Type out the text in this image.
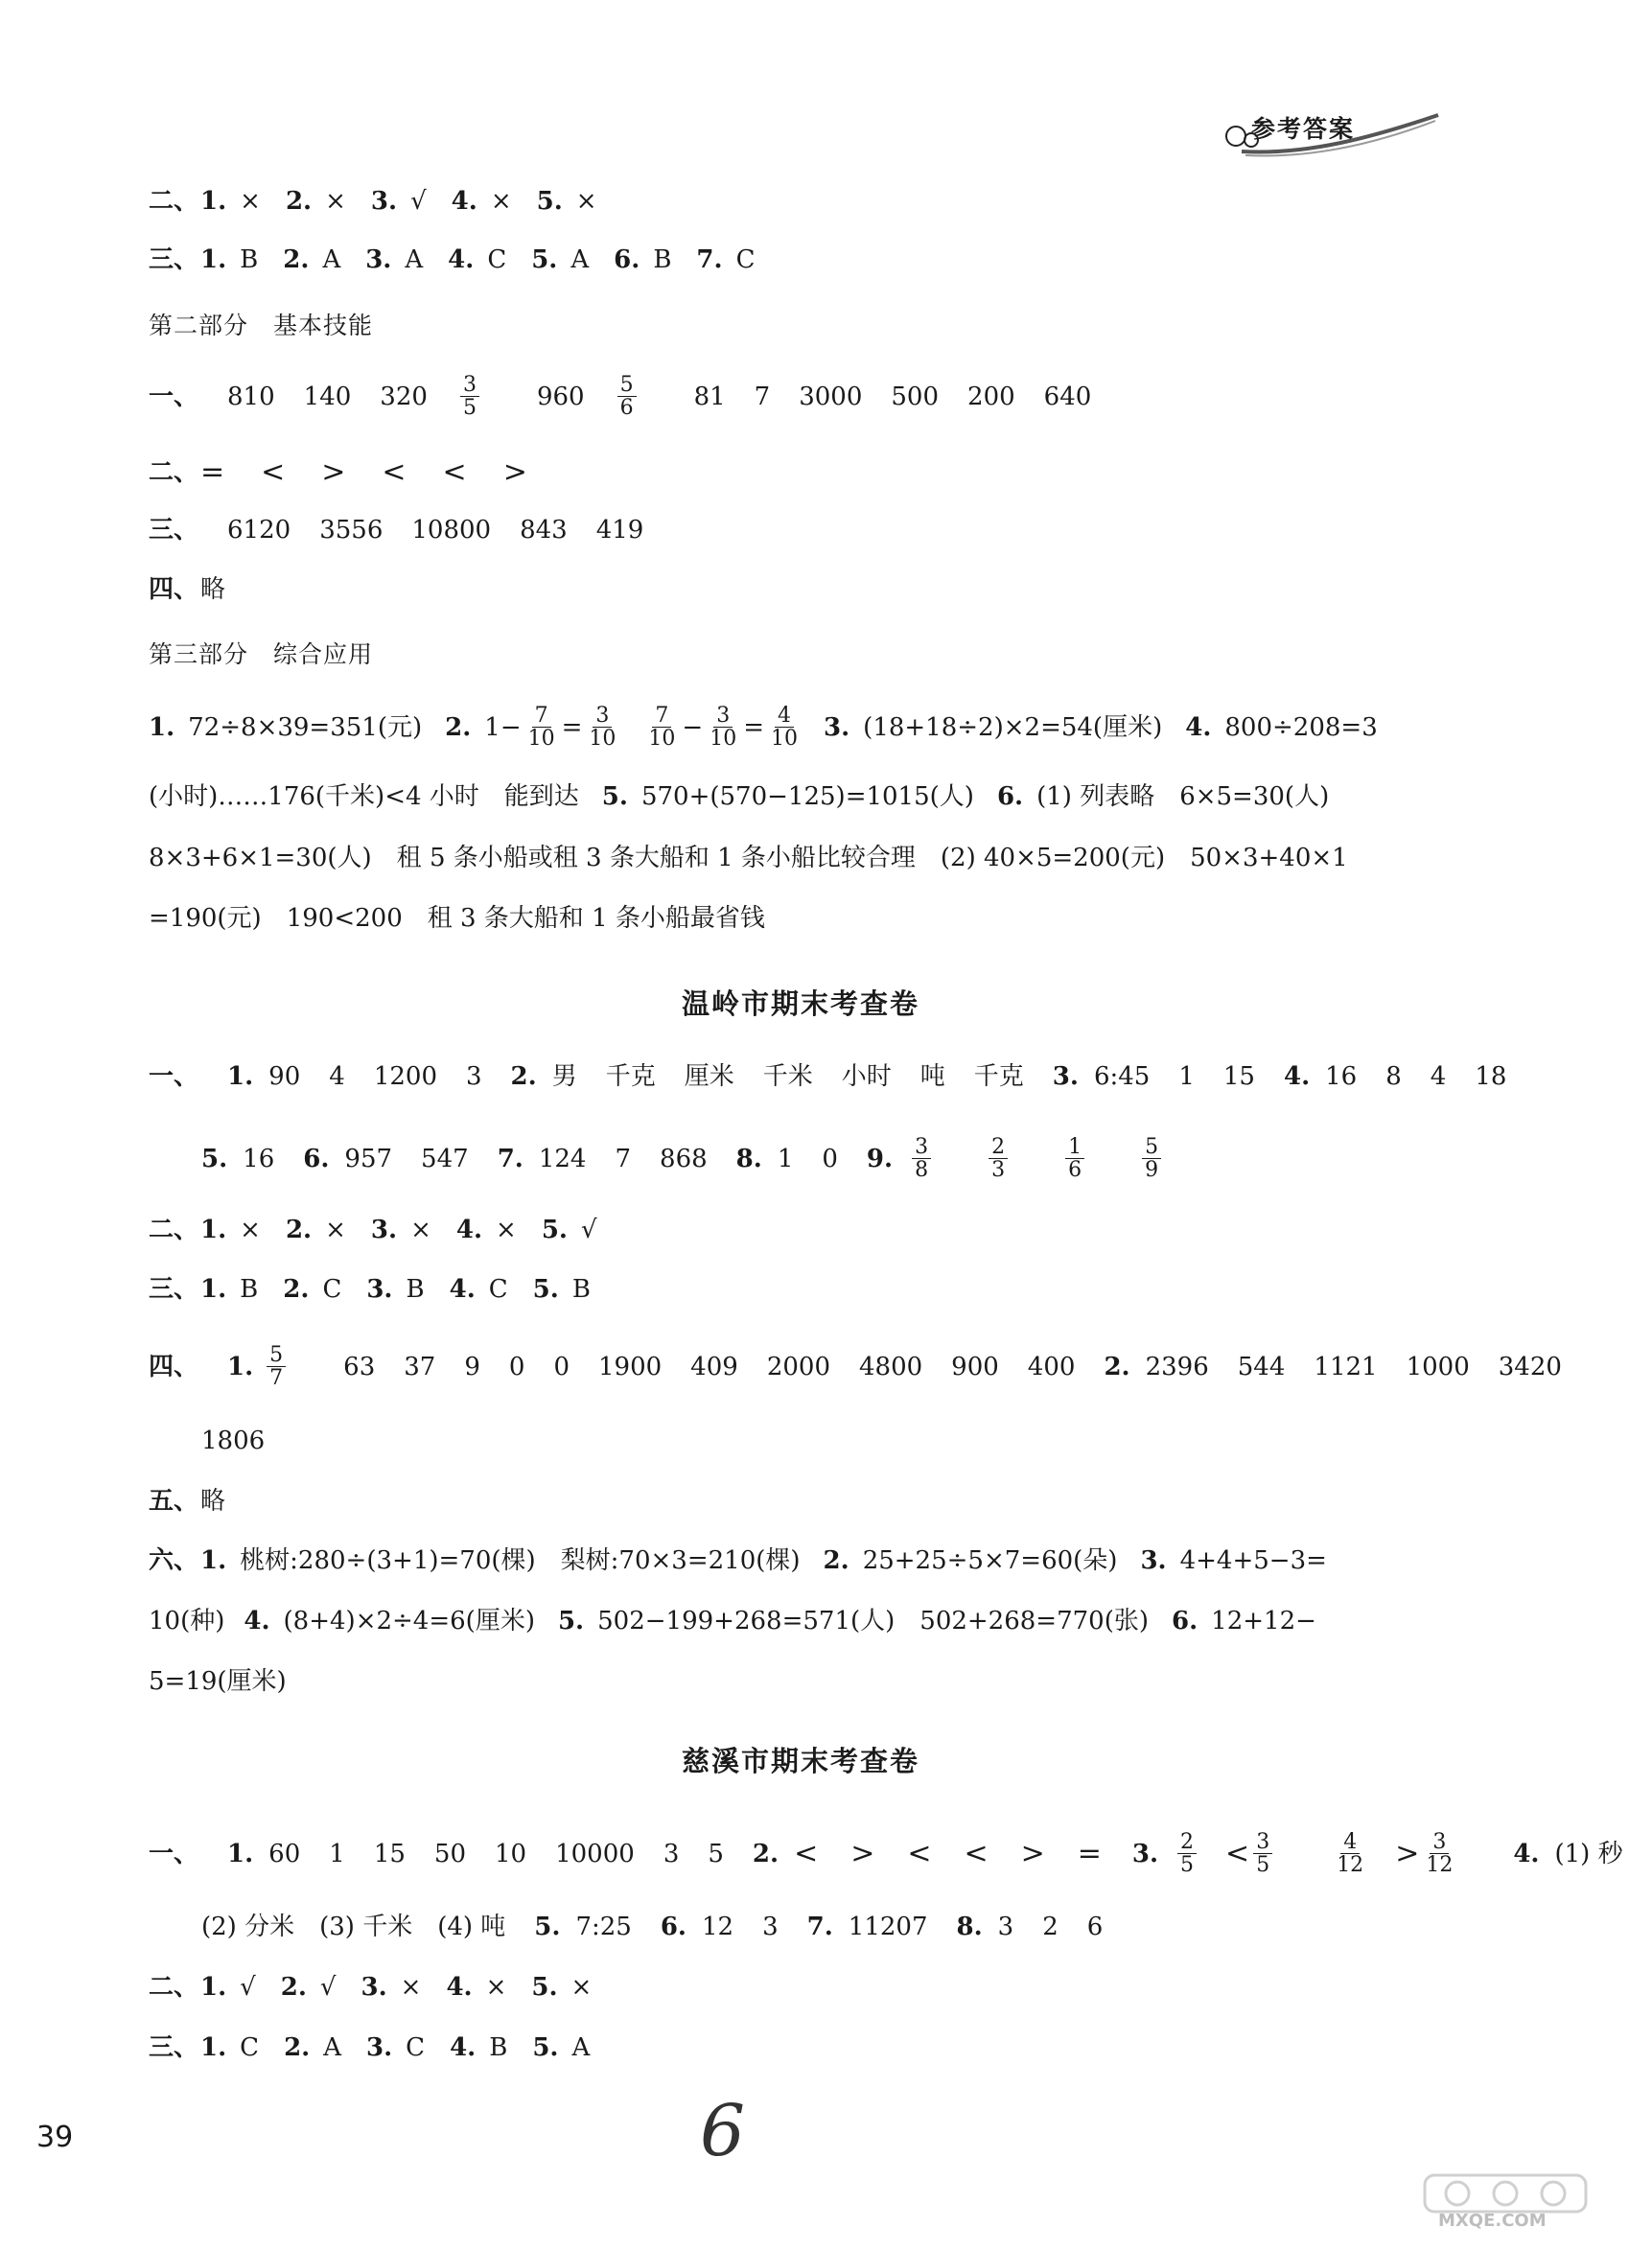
参考答案
二、 1. × 2. × 3. √ 4. × 5. ×
三、 1. B 2. A 3. A 4. C 5. A 6. B 7. C
第二部分　基本技能
一、 810 140 $320 \frac{3}{5} 960 \frac{5}{6} 81$ 7 3000 500 200 640
二、 =　<　>　<　<　>
三、 6120 3556 10800 843 419
四、 略
第三部分　综合应用
1. 72÷8×39=351(元) 2. $1- \frac{7}{10} = \frac{3}{10} \frac{7}{10} - \frac{3}{10} = \frac{4}{10} 3$. (18+18÷2)×2=54(厘米) 4. 800÷208=3
(小时)……176(千米)<4 小时　能到达 5. 570+(570−125)=1015(人) 6. (1) 列表略　6×5=30(人)
8×3+6×1=30(人)　租 5 条小船或租 3 条大船和 1 条小船比较合理　(2) 40×5=200(元)　50×3+40×1
=190(元)　190<200　租 3 条大船和 1 条小船最省钱
温岭市期末考查卷
一、 1. 90 4 1200 3 2. 男 千克 厘米 千米 小时 吨 千克 3. 6:45 1 15 4. 16 8 4 18
5. 16 6. 957 547 7. 124 7 868 8. 1 0 9. $\frac{3}{8} \frac{2}{3} \frac{1}{6} \frac{5}{9}$
二、 1. × 2. × 3. × 4. × 5. √
三、 1. B 2. C 3. B 4. C 5. B
四、 1. $\frac{5}{7} 63$ 37 9 0 0 1900 409 2000 4800 900 400 2. 2396 544 1121 1000 3420
1806
五、 略
六、 1. 桃树:280÷(3+1)=70(棵)　梨树:70×3=210(棵) 2. 25+25÷5×7=60(朵) 3. 4+4+5−3=
10(种) 4. (8+4)×2÷4=6(厘米) 5. 502−199+268=571(人)　502+268=770(张) 6. 12+12−
5=19(厘米)
慈溪市期末考查卷
一、 1. 60 1 15 50 10 10000 3 5 2. <　>　<　<　>　= 3. $\frac{2}{5} < \frac{3}{5} \frac{4}{12} > \frac{3}{12} 4$. (1) 秒
(2) 分米　(3) 千米　(4) 吨 5. 7:25 6. 12 3 7. 11207 8. 3 2 6
二、 1. √ 2. √ 3. × 4. × 5. ×
三、 1. C 2. A 3. C 4. B 5. A
39	6
MXQE.COM
